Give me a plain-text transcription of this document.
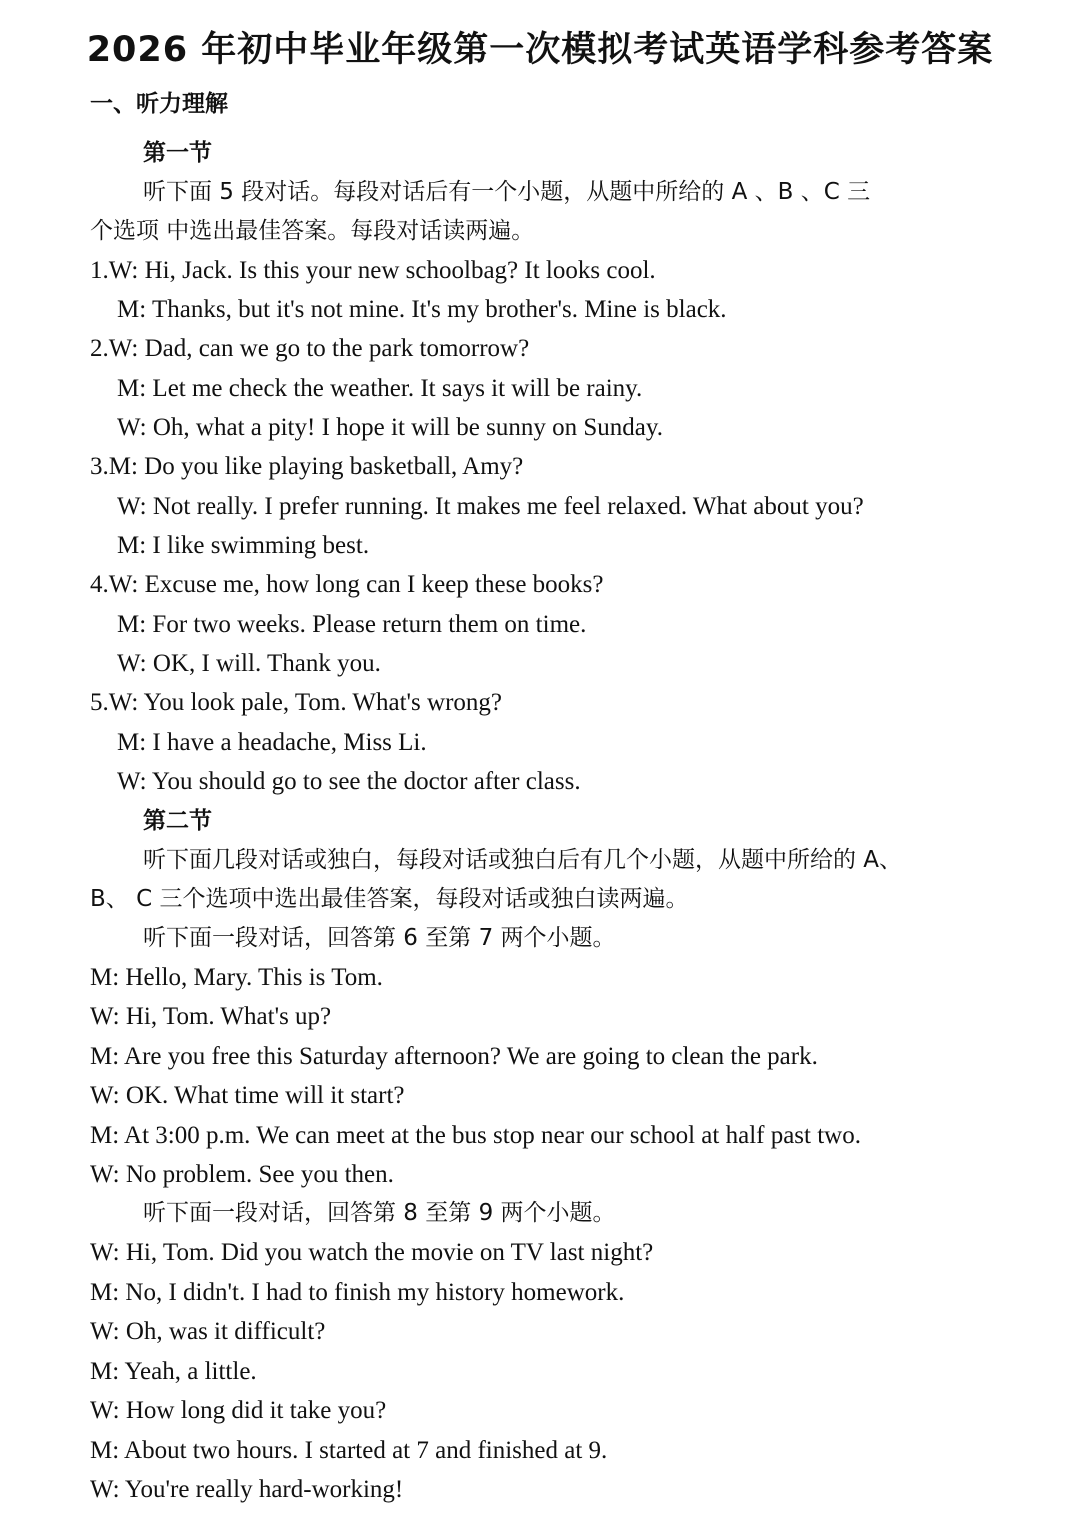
2026 年初中毕业年级第一次模拟考试英语学科参考答案
一、听力理解
第一节
听下面 5 段对话。每段对话后有一个小题，从题中所给的 A 、B 、C 三
个选项 中选出最佳答案。每段对话读两遍。
1.W: Hi, Jack. Is this your new schoolbag? It looks cool.
M: Thanks, but it's not mine. It's my brother's. Mine is black.
2.W: Dad, can we go to the park tomorrow?
M: Let me check the weather. It says it will be rainy.
W: Oh, what a pity! I hope it will be sunny on Sunday.
3.M: Do you like playing basketball, Amy?
W: Not really. I prefer running. It makes me feel relaxed. What about you?
M: I like swimming best.
4.W: Excuse me, how long can I keep these books?
M: For two weeks. Please return them on time.
W: OK, I will. Thank you.
5.W: You look pale, Tom. What's wrong?
M: I have a headache, Miss Li.
W: You should go to see the doctor after class.
第二节
听下面几段对话或独白，每段对话或独白后有几个小题，从题中所给的 A、
B、 C 三个选项中选出最佳答案，每段对话或独白读两遍。
听下面一段对话，回答第 6 至第 7 两个小题。
M: Hello, Mary. This is Tom.
W: Hi, Tom. What's up?
M: Are you free this Saturday afternoon? We are going to clean the park.
W: OK. What time will it start?
M: At 3:00 p.m. We can meet at the bus stop near our school at half past two.
W: No problem. See you then.
听下面一段对话，回答第 8 至第 9 两个小题。
W: Hi, Tom. Did you watch the movie on TV last night?
M: No, I didn't. I had to finish my history homework.
W: Oh, was it difficult?
M: Yeah, a little.
W: How long did it take you?
M: About two hours. I started at 7 and finished at 9.
W: You're really hard-working!
